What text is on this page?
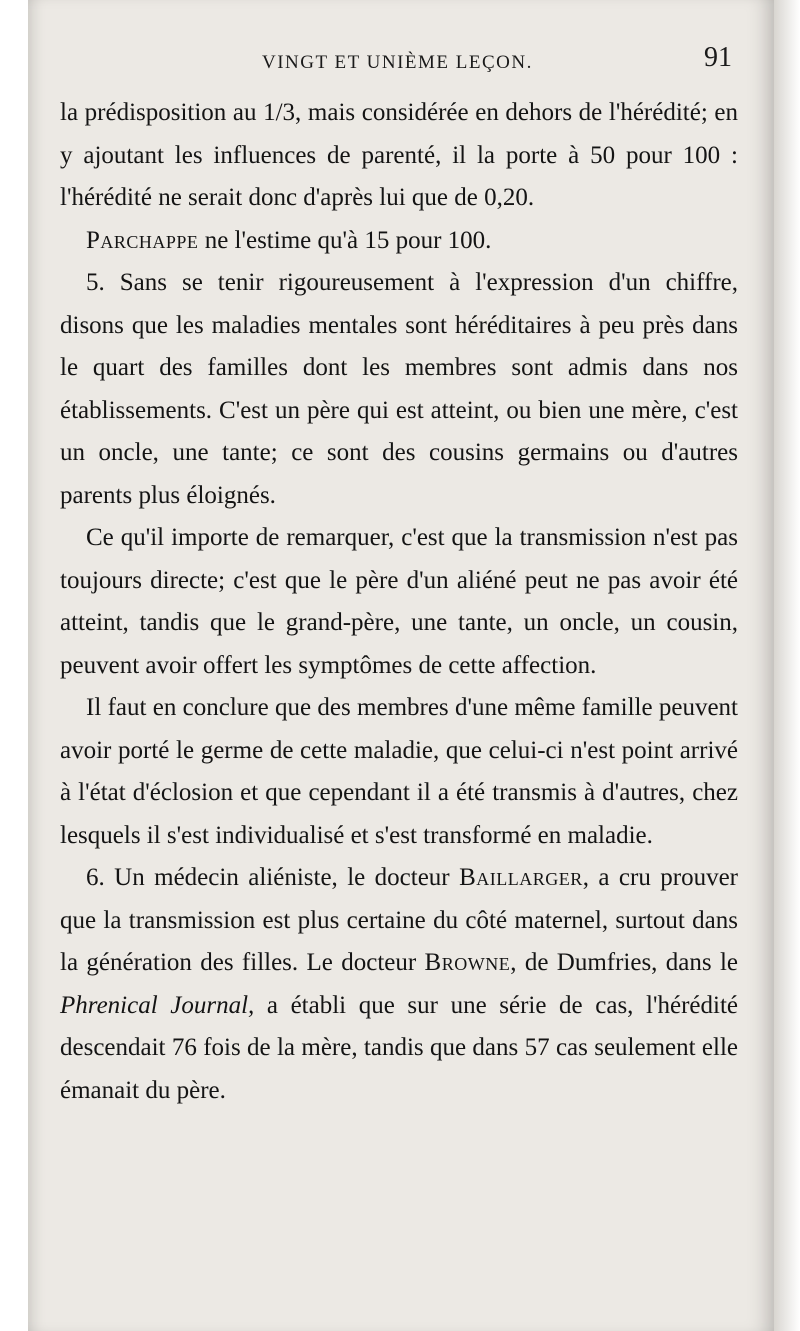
VINGT ET UNIÈME LEÇON.	91

la prédisposition au 1/3, mais considérée en dehors de l'hérédité; en y ajoutant les influences de parenté, il la porte à 50 pour 100 : l'hérédité ne serait donc d'après lui que de 0,20.

Parchappe ne l'estime qu'à 15 pour 100.

5. Sans se tenir rigoureusement à l'expression d'un chiffre, disons que les maladies mentales sont héréditaires à peu près dans le quart des familles dont les membres sont admis dans nos établissements. C'est un père qui est atteint, ou bien une mère, c'est un oncle, une tante; ce sont des cousins germains ou d'autres parents plus éloignés.

Ce qu'il importe de remarquer, c'est que la transmission n'est pas toujours directe; c'est que le père d'un aliéné peut ne pas avoir été atteint, tandis que le grand-père, une tante, un oncle, un cousin, peuvent avoir offert les symptômes de cette affection.

Il faut en conclure que des membres d'une même famille peuvent avoir porté le germe de cette maladie, que celui-ci n'est point arrivé à l'état d'éclosion et que cependant il a été transmis à d'autres, chez lesquels il s'est individualisé et s'est transformé en maladie.

6. Un médecin aliéniste, le docteur Baillarger, a cru prouver que la transmission est plus certaine du côté maternel, surtout dans la génération des filles. Le docteur Browne, de Dumfries, dans le Phrenical Journal, a établi que sur une série de cas, l'hérédité descendait 76 fois de la mère, tandis que dans 57 cas seulement elle émanait du père.
